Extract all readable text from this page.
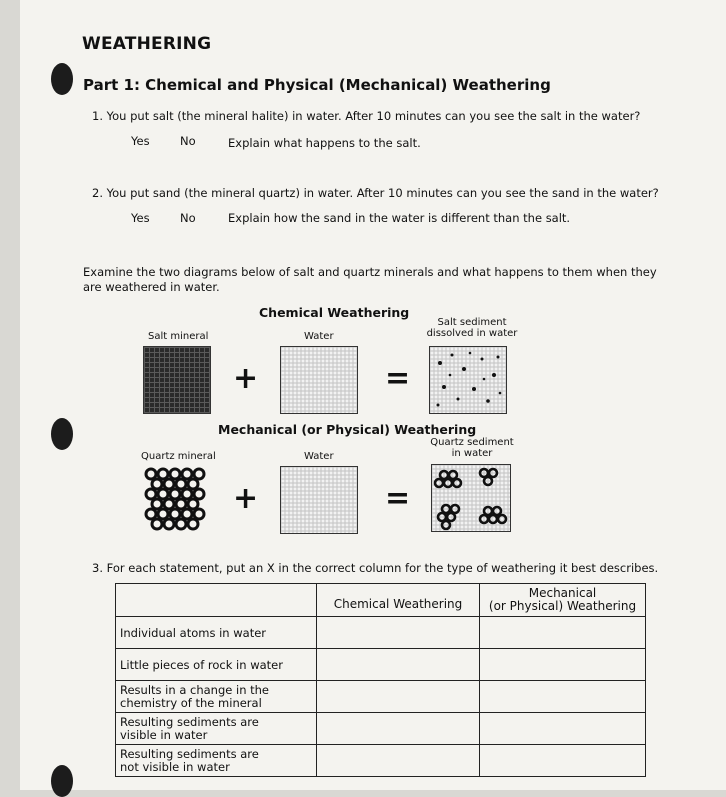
WEATHERING
Part 1: Chemical and Physical (Mechanical) Weathering
1. You put salt (the mineral halite) in water. After 10 minutes can you see the salt in the water?
Yes	No	Explain what happens to the salt.
2. You put sand (the mineral quartz) in water. After 10 minutes can you see the sand in the water?
Yes	No	Explain how the sand in the water is different than the salt.
Examine the two diagrams below of salt and quartz minerals and what happens to them when they
are weathered in water.
Chemical Weathering
Salt mineral	Water
Salt sediment
dissolved in water
+	=
Mechanical (or Physical) Weathering
Quartz mineral	Water
Quartz sediment
in water
+	=
3. For each statement, put an X in the correct column for the type of weathering it best describes.
	Chemical Weathering	Mechanical
(or Physical) Weathering

Individual atoms in water		

Little pieces of rock in water		

Results in a change in the
chemistry of the mineral		

Resulting sediments are
visible in water		

Resulting sediments are
not visible in water		
